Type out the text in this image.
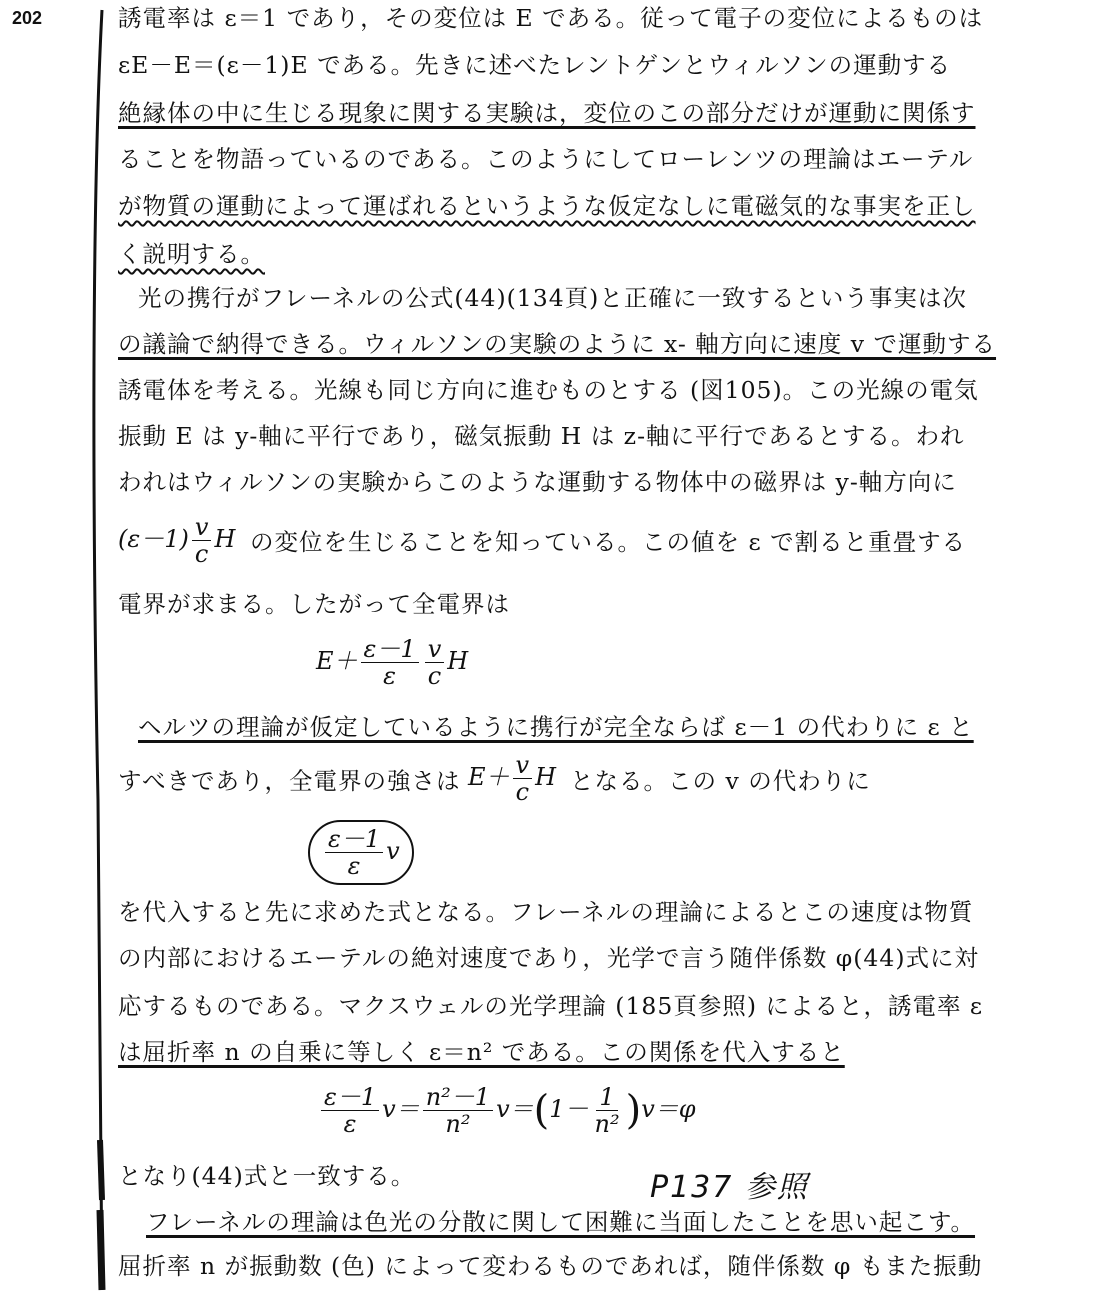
202	誘電率は ε＝1 であり，その変位は E である。従って電子の変位によるものは
εE－E＝(ε－1)E である。先きに述べたレントゲンとウィルソンの運動する
絶縁体の中に生じる現象に関する実験は，変位のこの部分だけが運動に関係す
ることを物語っているのである。このようにしてローレンツの理論はエーテル
が物質の運動によって運ばれるというような仮定なしに電磁気的な事実を正し
く説明する。
光の携行がフレーネルの公式(44)(134頁)と正確に一致するという事実は次
の議論で納得できる。ウィルソンの実験のように x- 軸方向に速度 v で運動する
誘電体を考える。光線も同じ方向に進むものとする (図105)。この光線の電気
振動 E は y-軸に平行であり，磁気振動 H は z-軸に平行であるとする。われ
われはウィルソンの実験からこのような運動する物体中の磁界は y-軸方向に
$(\varepsilon-1) \frac{v}{c}$ H の変位を生じることを知っている。この値を ε で割ると重畳する
電界が求まる。したがって全電界は
$E+ \frac{\varepsilon-1}{\varepsilon} \frac{v}{c}$ H
ヘルツの理論が仮定しているように携行が完全ならば ε－1 の代わりに ε と
すべきであり，全電界の強さは $E+ \frac{v}{c}$ H となる。この v の代わりに
$\frac{\varepsilon-1}{\varepsilon}$ v
を代入すると先に求めた式となる。フレーネルの理論によるとこの速度は物質
の内部におけるエーテルの絶対速度であり，光学で言う随伴係数 φ(44)式に対
応するものである。マクスウェルの光学理論 (185頁参照) によると，誘電率 ε
は屈折率 n の自乗に等しく ε＝n² である。この関係を代入すると
$\frac{\varepsilon-1}{\varepsilon} v= \frac{\text{n²－1}}{\text{n²}} v=(1- \frac{1}{\text{n²}} )v=\varphi$
となり(44)式と一致する。	P137 参照
フレーネルの理論は色光の分散に関して困難に当面したことを思い起こす。
屈折率 n が振動数 (色) によって変わるものであれば，随伴係数 φ もまた振動
